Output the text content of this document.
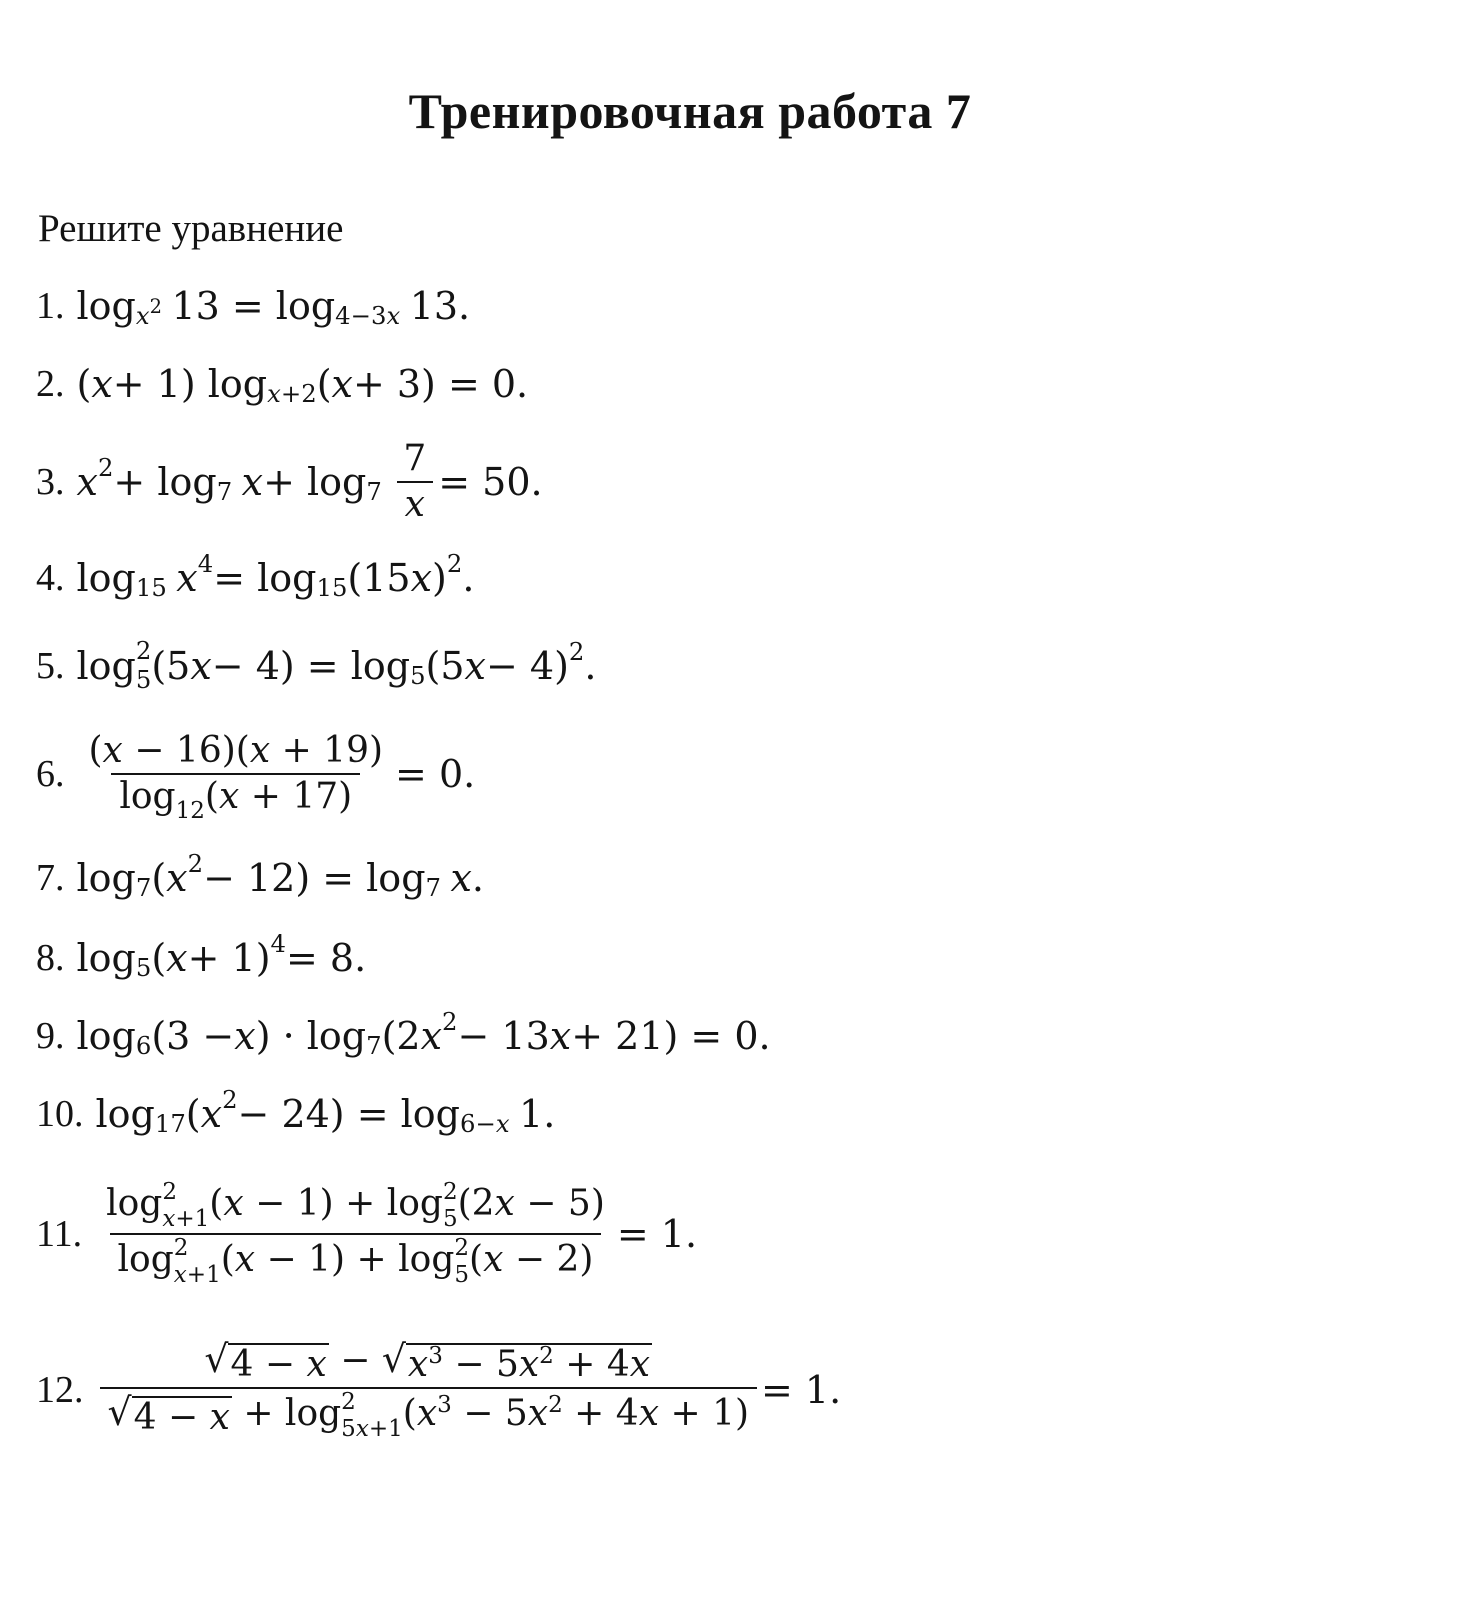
Тренировочная работа 7
Решите уравнение
1. $\log x^2$ 13 = log 4−3x 13.
2. ( x + 1) log x+2 ( x + 3) = 0.
3. x 2 + log 7 $x + \log 7 \frac{7}{x} = 50$.
4. log 15 x 4 = log 15 (15 x ) 2 .
5. log 2
5 (5 x − 4) = log 5 (5 x − 4) 2 .
6. $\frac{(x - 16)(x + 19)}{\log_{12}(x + 17)} = 0$.
7. log 7 ( x 2 − 12) = log 7 x .
8. log 5 ( x + 1) 4 = 8.
9. log 6 (3 − x ) · log 7 (2 x 2 − 13 x + 21) = 0.
10. log 17 ( x 2 − 24) = log 6−x 1.
11. log 2
x+1 (x − 1) + log 2
5 (2x − 5)
log 2
x+1 (x − 1) + log 2
5 (x − 2) = 1.
12. √ 4 − x − √ $x^3 - 5x^2 + 4x$
√ 4 − x + log 2
5x+1 $(x^3 - 5x^2 + 4x + 1) = 1$.
